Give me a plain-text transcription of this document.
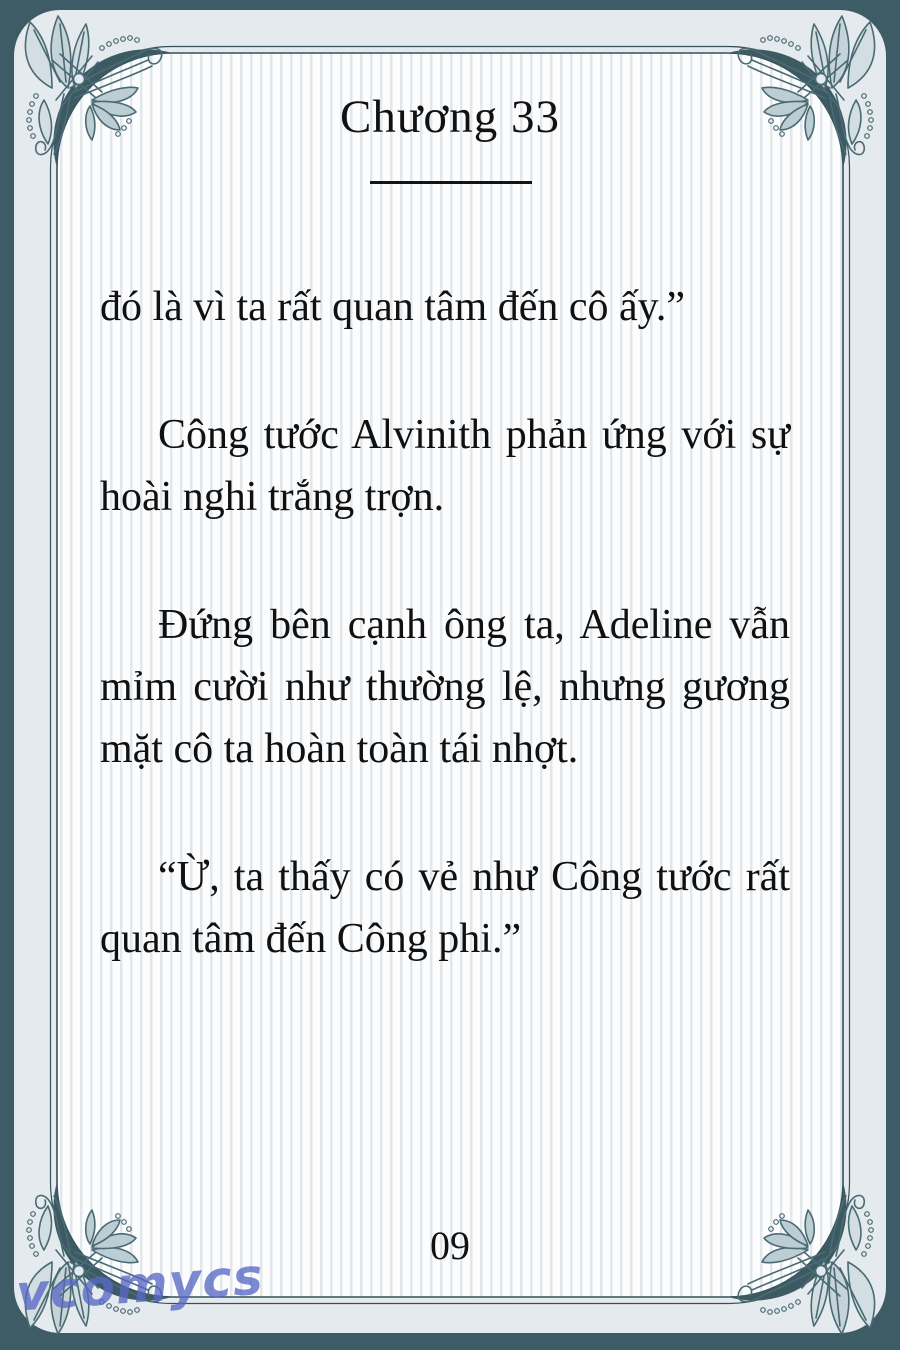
Chương 33

đó là vì ta rất quan tâm đến cô ấy.”

Công tước Alvinith phản ứng với sự hoài nghi trắng trợn.

Đứng bên cạnh ông ta, Adeline vẫn mỉm cười như thường lệ, nhưng gương mặt cô ta hoàn toàn tái nhợt.

“Ừ, ta thấy có vẻ như Công tước rất quan tâm đến Công phi.”

09
vcomycs
